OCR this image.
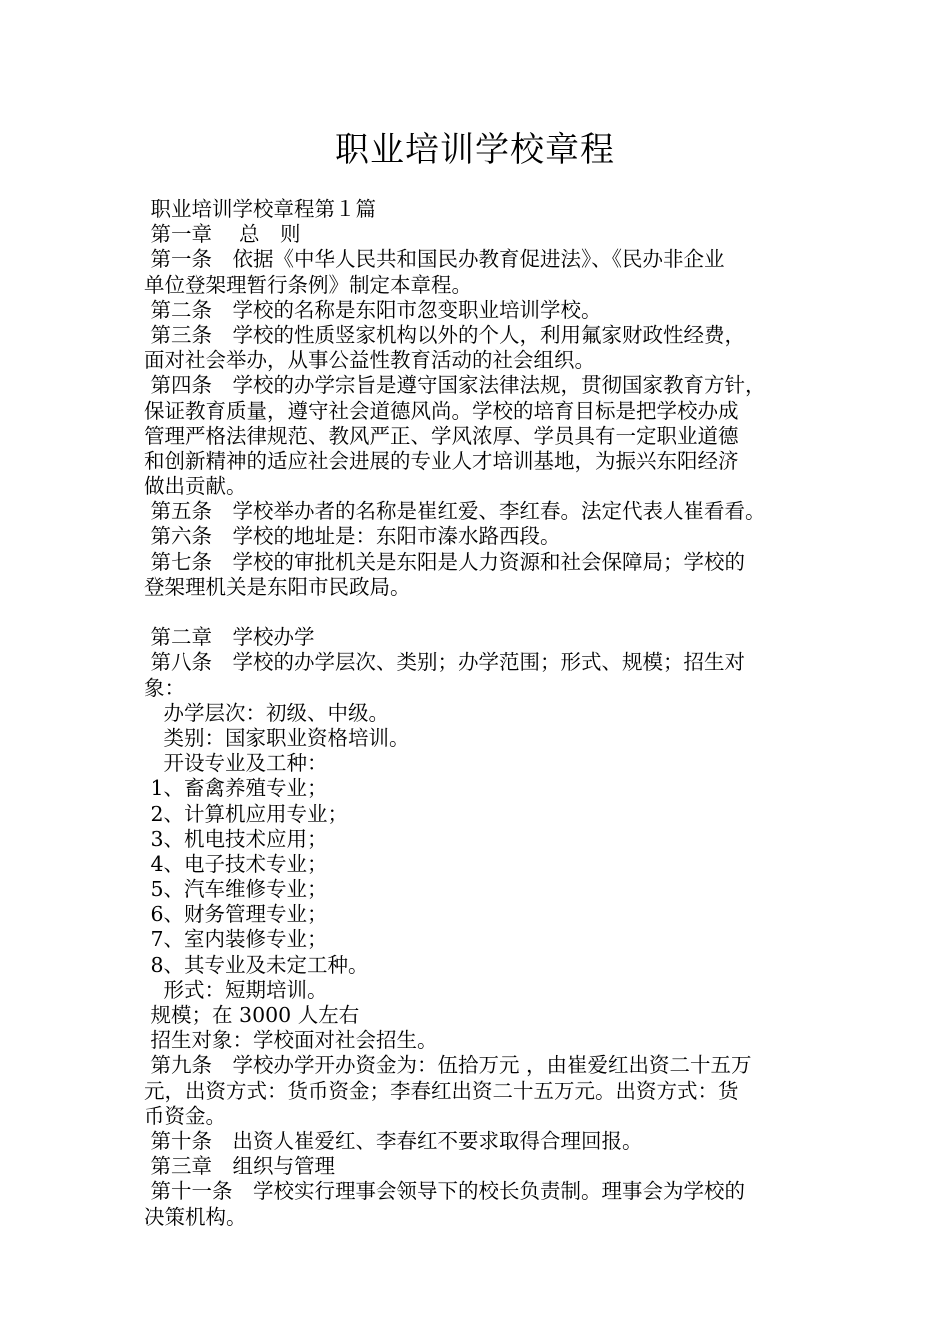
职业培训学校章程
职业培训学校章程第１篇
第一章　 总　则
第一条　依据《中华人民共和国民办教育促进法》、《民办非企业
单位登架理暂行条例》制定本章程。
第二条　学校的名称是东阳市忽变职业培训学校。
第三条　学校的性质竖家机构以外的个人，利用氟家财政性经费，
面对社会举办，从事公益性教育活动的社会组织。
第四条　学校的办学宗旨是遵守国家法律法规，贯彻国家教育方针，
保证教育质量，遵守社会道德风尚。学校的培育目标是把学校办成
管理严格法律规范、教风严正、学风浓厚、学员具有一定职业道德
和创新精神的适应社会进展的专业人才培训基地，为振兴东阳经济
做出贡献。
第五条　学校举办者的名称是崔红爱、李红春。法定代表人崔看看。
第六条　学校的地址是：东阳市溱水路西段。
第七条　学校的审批机关是东阳是人力资源和社会保障局；学校的
登架理机关是东阳市民政局。
第二章　学校办学
第八条　学校的办学层次、类别；办学范围；形式、规模；招生对
象：
办学层次：初级、中级。
类别：国家职业资格培训。
开设专业及工种：
1、畜禽养殖专业；
2、计算机应用专业；
3、机电技术应用；
4、电子技术专业；
5、汽车维修专业；
6、财务管理专业；
7、室内装修专业；
8、其专业及未定工种。
形式：短期培训。
规模；在 3000 人左右
招生对象：学校面对社会招生。
第九条　学校办学开办资金为：伍拾万元 ，由崔爱红出资二十五万
元，出资方式：货币资金；李春红出资二十五万元。出资方式：货
币资金。
第十条　出资人崔爱红、李春红不要求取得合理回报。
第三章　组织与管理
第十一条　学校实行理事会领导下的校长负责制。理事会为学校的
决策机构。
